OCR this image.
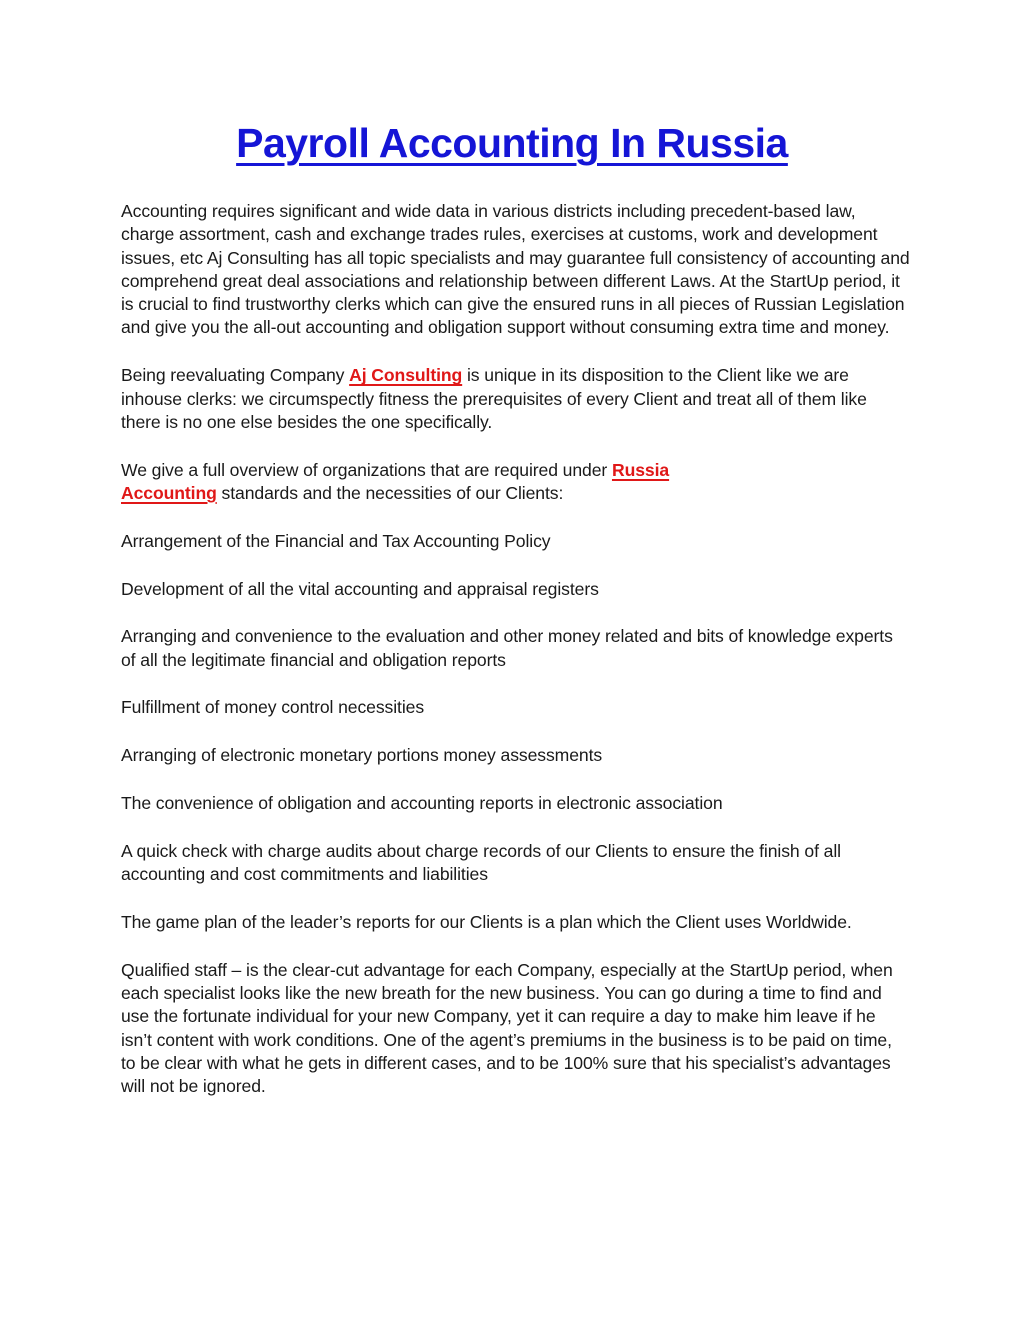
Payroll Accounting In Russia

Accounting requires significant and wide data in various districts including precedent-based law, charge assortment, cash and exchange trades rules, exercises at customs, work and development issues, etc Aj Consulting has all topic specialists and may guarantee full consistency of accounting and comprehend great deal associations and relationship between different Laws. At the StartUp period, it is crucial to find trustworthy clerks which can give the ensured runs in all pieces of Russian Legislation and give you the all-out accounting and obligation support without consuming extra time and money.

Being reevaluating Company Aj Consulting is unique in its disposition to the Client like we are inhouse clerks: we circumspectly fitness the prerequisites of every Client and treat all of them like there is no one else besides the one specifically.

We give a full overview of organizations that are required under Russia
Accounting standards and the necessities of our Clients:

Arrangement of the Financial and Tax Accounting Policy

Development of all the vital accounting and appraisal registers

Arranging and convenience to the evaluation and other money related and bits of knowledge experts of all the legitimate financial and obligation reports

Fulfillment of money control necessities

Arranging of electronic monetary portions money assessments

The convenience of obligation and accounting reports in electronic association

A quick check with charge audits about charge records of our Clients to ensure the finish of all accounting and cost commitments and liabilities

The game plan of the leader’s reports for our Clients is a plan which the Client uses Worldwide.

Qualified staff – is the clear-cut advantage for each Company, especially at the StartUp period, when each specialist looks like the new breath for the new business. You can go during a time to find and use the fortunate individual for your new Company, yet it can require a day to make him leave if he isn’t content with work conditions. One of the agent’s premiums in the business is to be paid on time, to be clear with what he gets in different cases, and to be 100% sure that his specialist’s advantages will not be ignored.
